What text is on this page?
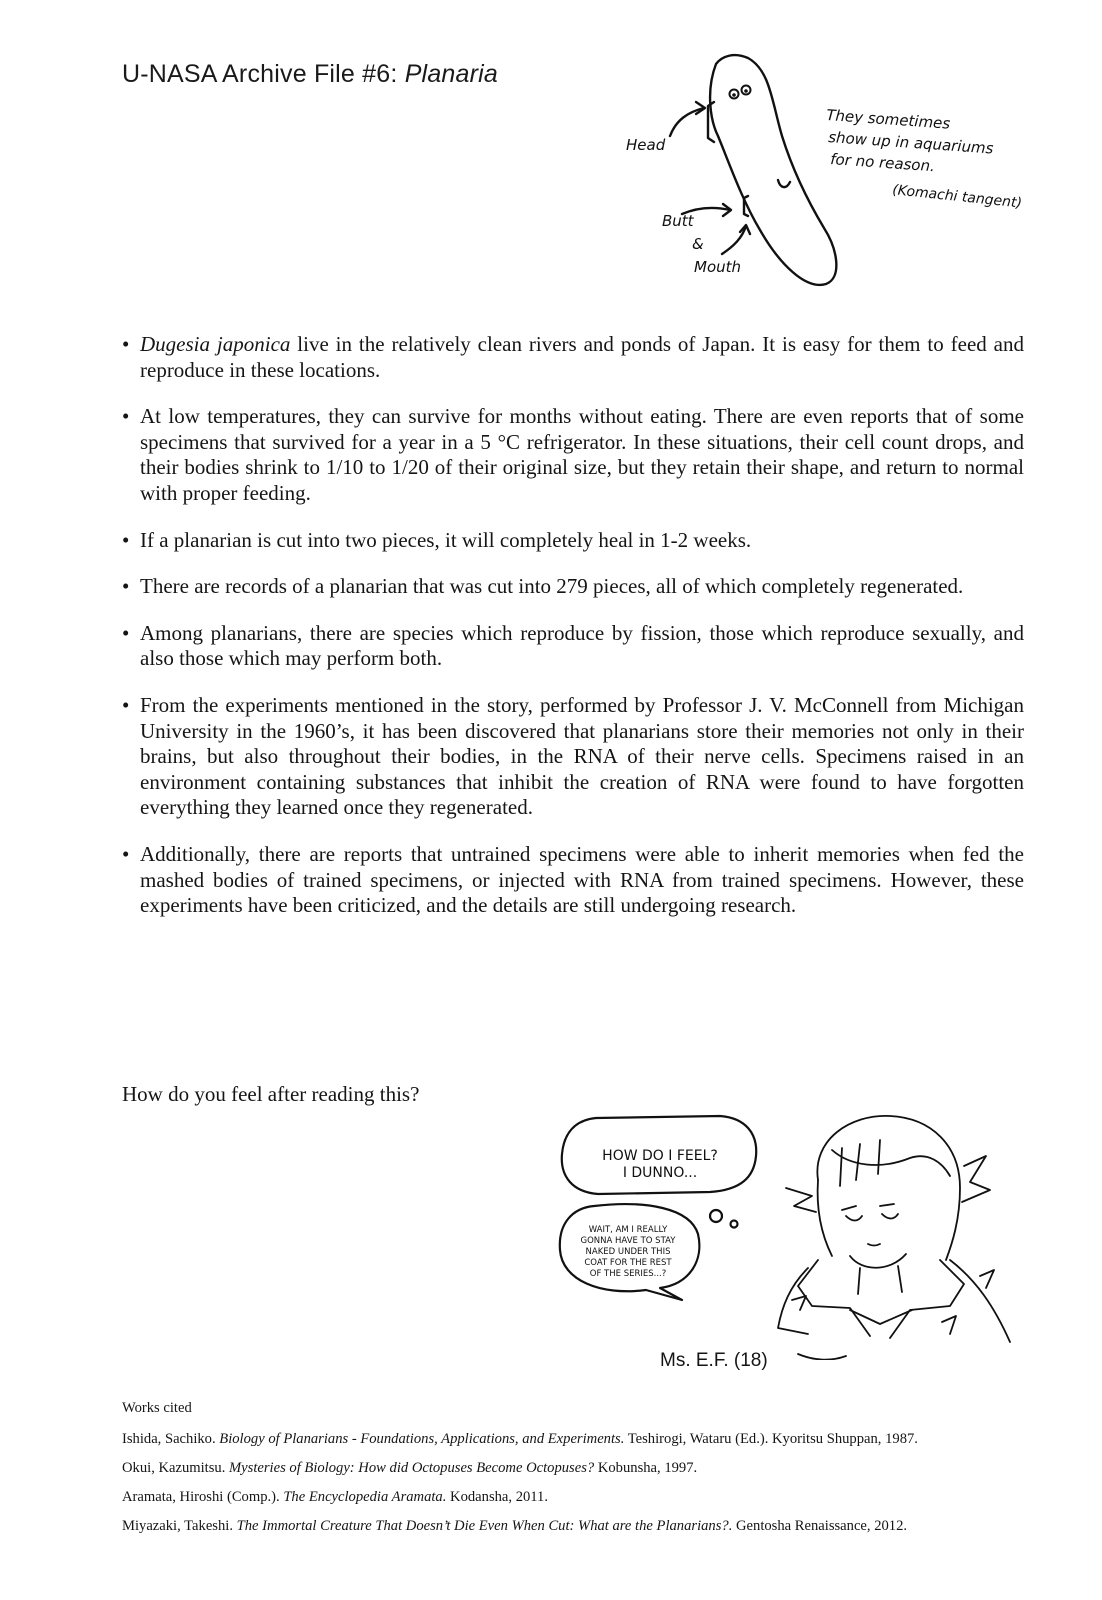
U-NASA Archive File #6: Planaria
Head
Butt
&
Mouth
They sometimes
show up in aquariums
for no reason.
(Komachi tangent)
• Dugesia japonica live in the relatively clean rivers and ponds of Japan. It is easy for them to feed and reproduce in these locations.
• At low temperatures, they can survive for months without eating. There are even reports that of some specimens that survived for a year in a 5 °C refrigerator. In these situations, their cell count drops, and their bodies shrink to 1/10 to 1/20 of their original size, but they retain their shape, and return to normal with proper feeding.
• If a planarian is cut into two pieces, it will completely heal in 1-2 weeks.
• There are records of a planarian that was cut into 279 pieces, all of which completely regenerated.
• Among planarians, there are species which reproduce by fission, those which reproduce sexually, and also those which may perform both.
• From the experiments mentioned in the story, performed by Professor J. V. McConnell from Michigan University in the 1960’s, it has been discovered that planarians store their memories not only in their brains, but also throughout their bodies, in the RNA of their nerve cells. Specimens raised in an environment containing substances that inhibit the creation of RNA were found to have forgotten everything they learned once they regenerated.
• Additionally, there are reports that untrained specimens were able to inherit memories when fed the mashed bodies of trained specimens, or injected with RNA from trained specimens. However, these experiments have been criticized, and the details are still undergoing research.
How do you feel after reading this?
HOW DO I FEEL?
I DUNNO...
WAIT, AM I REALLY
GONNA HAVE TO STAY
NAKED UNDER THIS
COAT FOR THE REST
OF THE SERIES...?
Ms. E.F. (18)
Works cited
Ishida, Sachiko. Biology of Planarians - Foundations, Applications, and Experiments. Teshirogi, Wataru (Ed.). Kyoritsu Shuppan, 1987.
Okui, Kazumitsu. Mysteries of Biology: How did Octopuses Become Octopuses? Kobunsha, 1997.
Aramata, Hiroshi (Comp.). The Encyclopedia Aramata. Kodansha, 2011.
Miyazaki, Takeshi. The Immortal Creature That Doesn’t Die Even When Cut: What are the Planarians?. Gentosha Renaissance, 2012.
